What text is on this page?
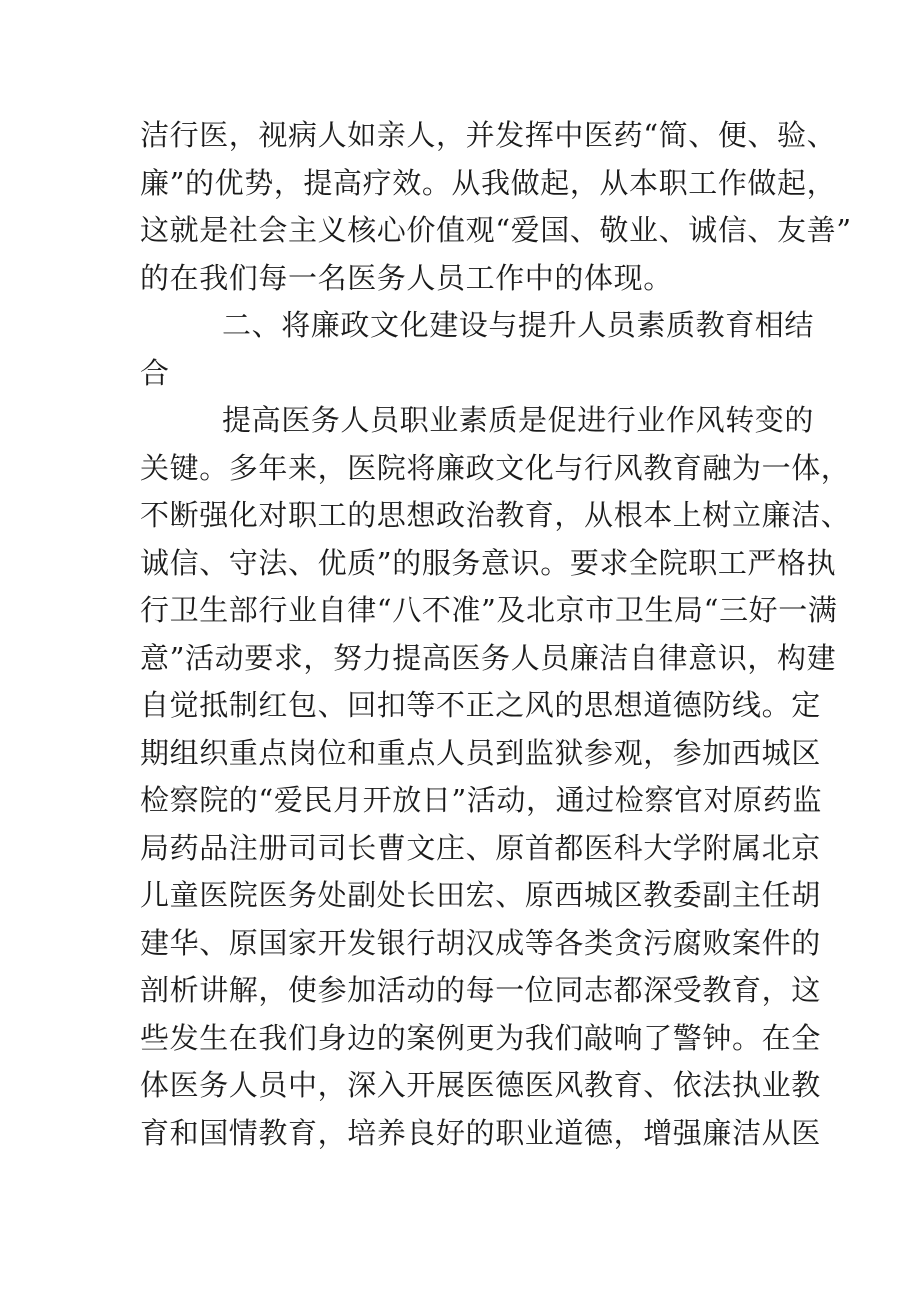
洁行医，视病人如亲人，并发挥中医药“简、便、验、
廉”的优势，提高疗效。从我做起，从本职工作做起，
这就是社会主义核心价值观“爱国、敬业、诚信、友善”
的在我们每一名医务人员工作中的体现。
二、将廉政文化建设与提升人员素质教育相结
合
提高医务人员职业素质是促进行业作风转变的
关键。多年来，医院将廉政文化与行风教育融为一体，
不断强化对职工的思想政治教育，从根本上树立廉洁、
诚信、守法、优质”的服务意识。要求全院职工严格执
行卫生部行业自律“八不准”及北京市卫生局“三好一满
意”活动要求，努力提高医务人员廉洁自律意识，构建
自觉抵制红包、回扣等不正之风的思想道德防线。定
期组织重点岗位和重点人员到监狱参观，参加西城区
检察院的“爱民月开放日”活动，通过检察官对原药监
局药品注册司司长曹文庄、原首都医科大学附属北京
儿童医院医务处副处长田宏、原西城区教委副主任胡
建华、原国家开发银行胡汉成等各类贪污腐败案件的
剖析讲解，使参加活动的每一位同志都深受教育，这
些发生在我们身边的案例更为我们敲响了警钟。在全
体医务人员中，深入开展医德医风教育、依法执业教
育和国情教育，培养良好的职业道德，增强廉洁从医
